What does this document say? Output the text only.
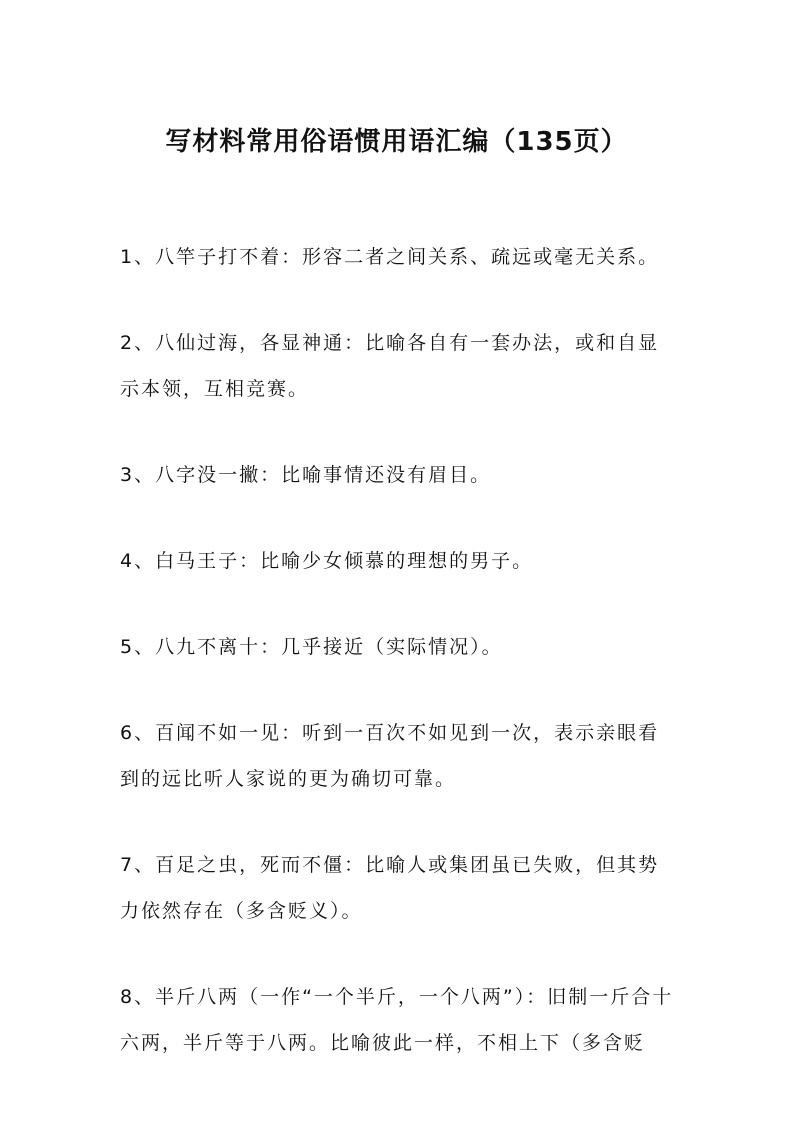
写材料常用俗语惯用语汇编（135页）

1、八竿子打不着：形容二者之间关系、疏远或毫无关系。

2、八仙过海，各显神通：比喻各自有一套办法，或和自显示本领，互相竞赛。

3、八字没一撇：比喻事情还没有眉目。

4、白马王子：比喻少女倾慕的理想的男子。

5、八九不离十：几乎接近（实际情况）。

6、百闻不如一见：听到一百次不如见到一次，表示亲眼看到的远比听人家说的更为确切可靠。

7、百足之虫，死而不僵：比喻人或集团虽已失败，但其势力依然存在（多含贬义）。

8、半斤八两（一作“一个半斤，一个八两”）：旧制一斤合十六两，半斤等于八两。比喻彼此一样，不相上下（多含贬
